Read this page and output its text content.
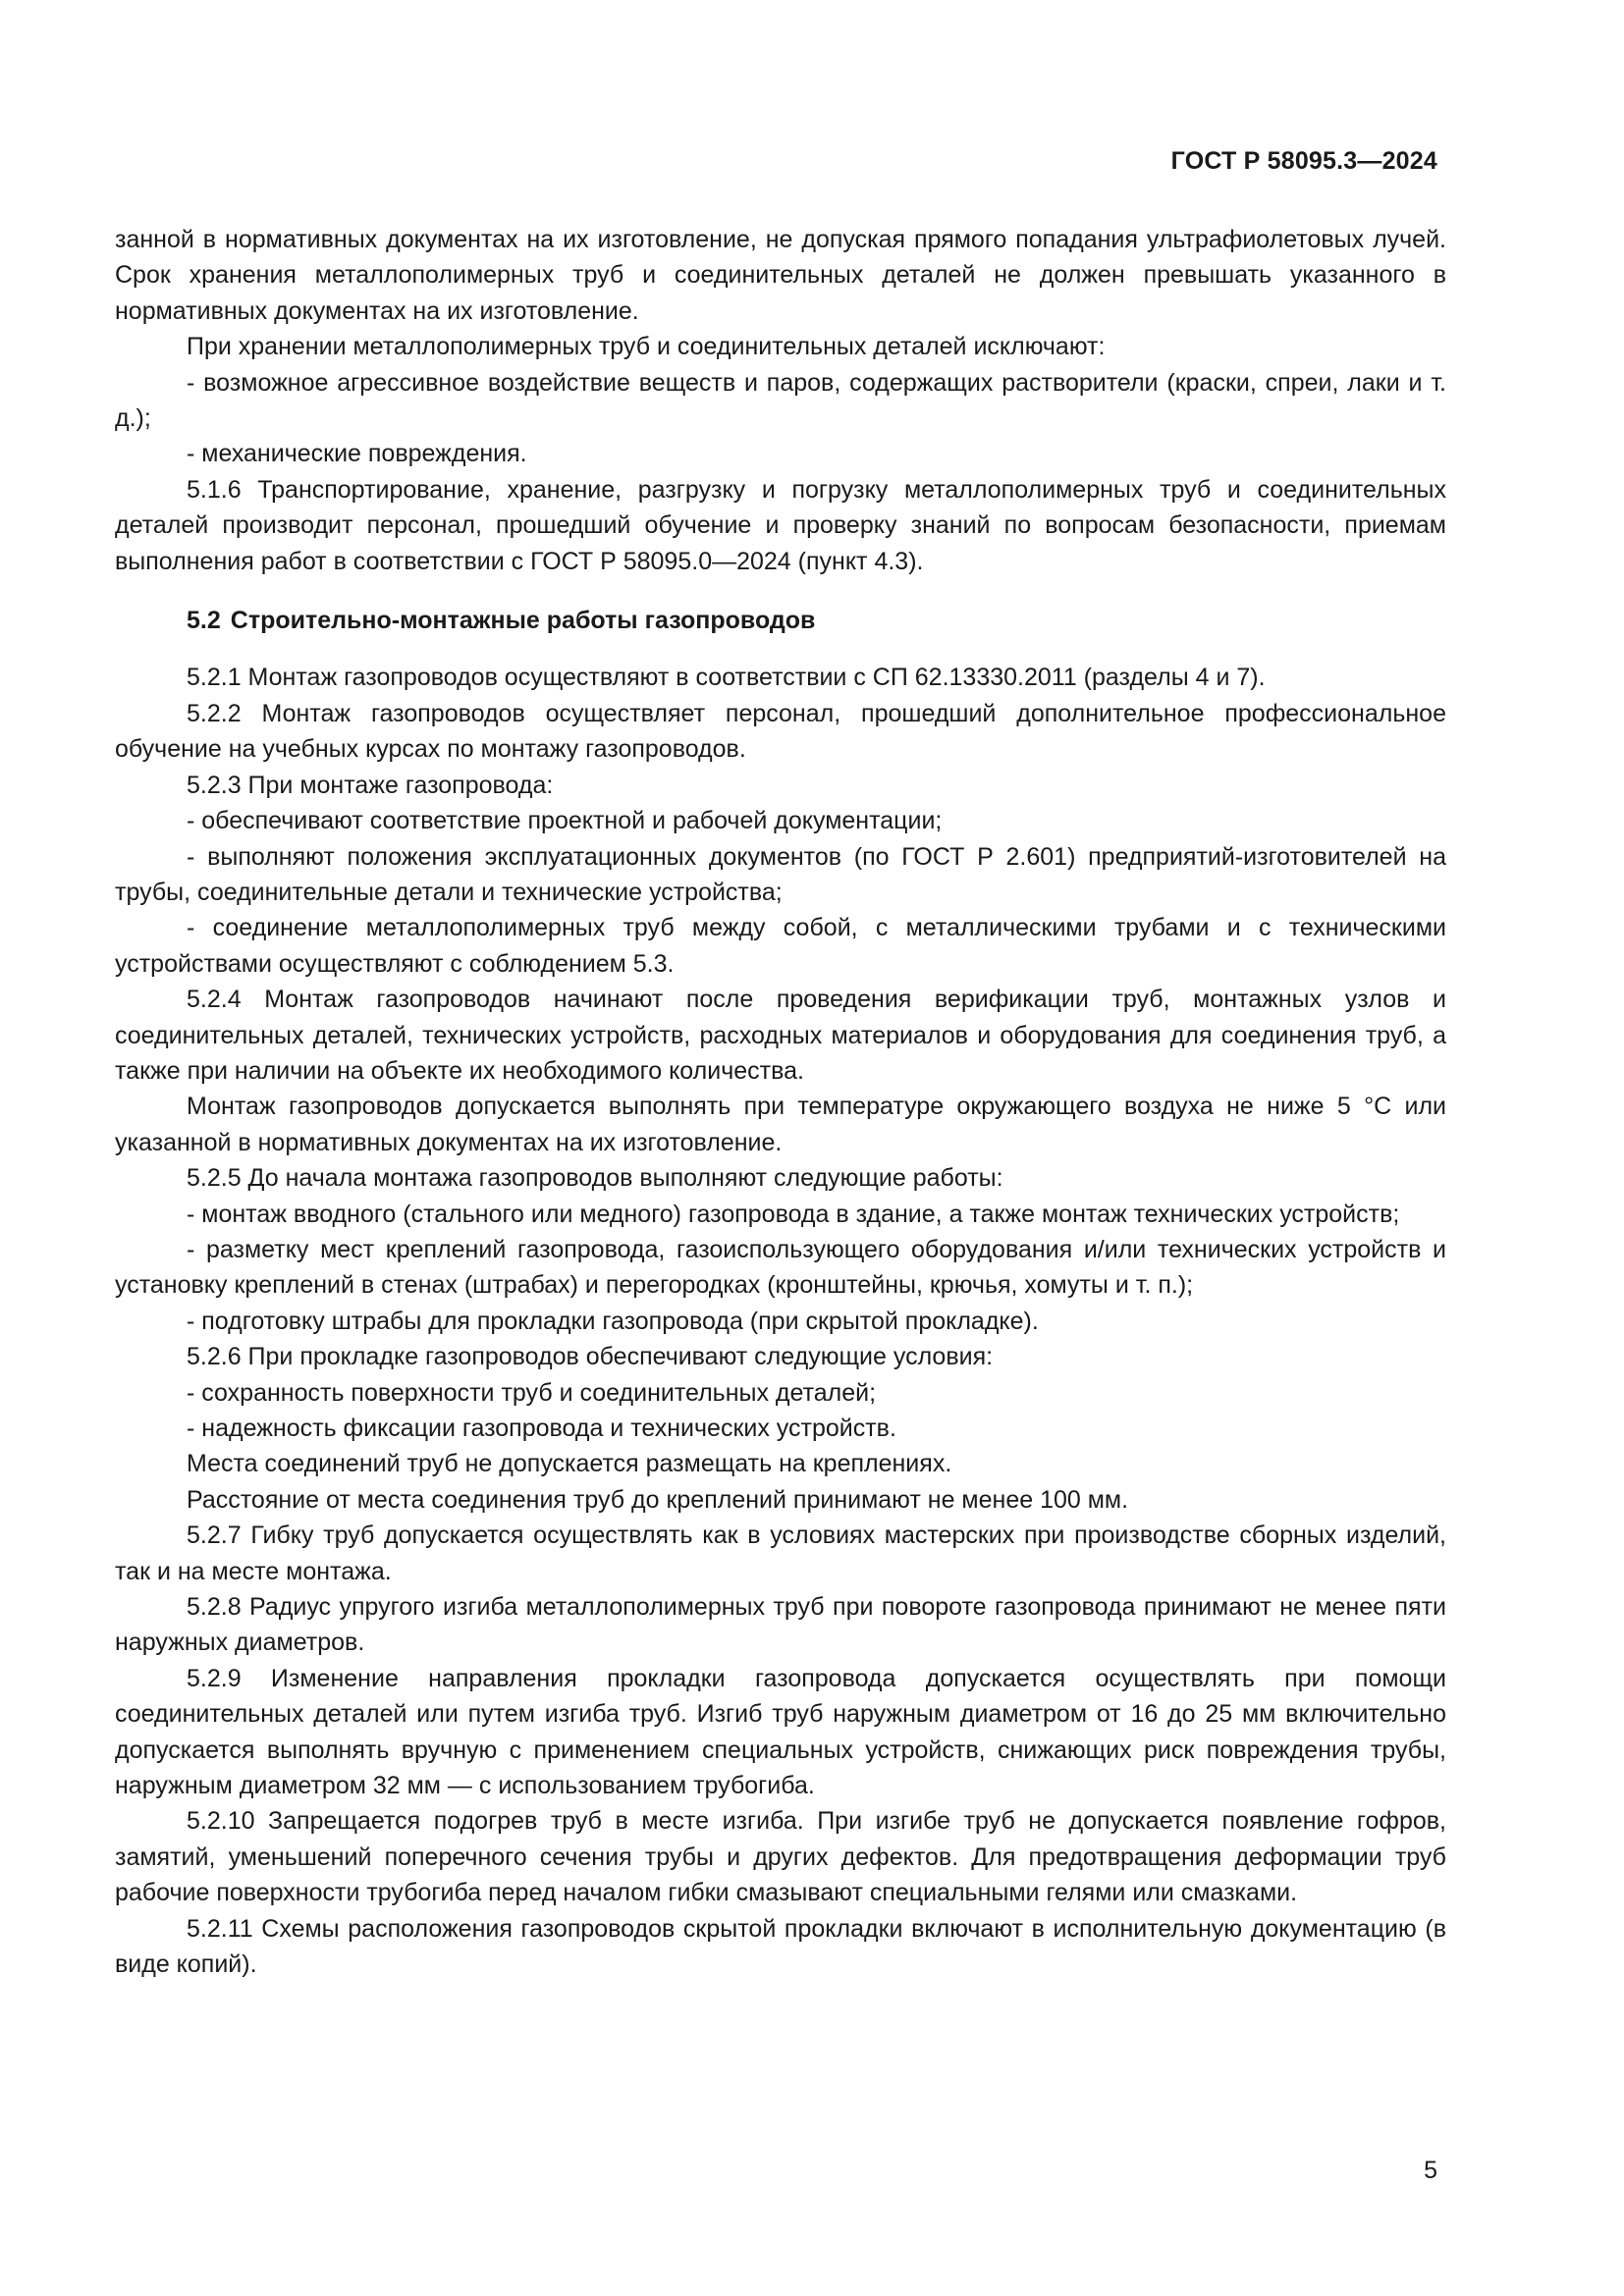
ГОСТ Р 58095.3—2024

занной в нормативных документах на их изготовление, не допуская прямого попадания ультрафиолетовых лучей. Срок хранения металлополимерных труб и соединительных деталей не должен превышать указанного в нормативных документах на их изготовление.

При хранении металлополимерных труб и соединительных деталей исключают:

- возможное агрессивное воздействие веществ и паров, содержащих растворители (краски, спреи, лаки и т. д.);

- механические повреждения.

5.1.6 Транспортирование, хранение, разгрузку и погрузку металлополимерных труб и соединительных деталей производит персонал, прошедший обучение и проверку знаний по вопросам безопасности, приемам выполнения работ в соответствии с ГОСТ Р 58095.0—2024 (пункт 4.3).

5.2 Строительно-монтажные работы газопроводов

5.2.1 Монтаж газопроводов осуществляют в соответствии с СП 62.13330.2011 (разделы 4 и 7).

5.2.2 Монтаж газопроводов осуществляет персонал, прошедший дополнительное профессиональное обучение на учебных курсах по монтажу газопроводов.

5.2.3 При монтаже газопровода:

- обеспечивают соответствие проектной и рабочей документации;

- выполняют положения эксплуатационных документов (по ГОСТ Р 2.601) предприятий-изготовителей на трубы, соединительные детали и технические устройства;

- соединение металлополимерных труб между собой, с металлическими трубами и с техническими устройствами осуществляют с соблюдением 5.3.

5.2.4 Монтаж газопроводов начинают после проведения верификации труб, монтажных узлов и соединительных деталей, технических устройств, расходных материалов и оборудования для соединения труб, а также при наличии на объекте их необходимого количества.

Монтаж газопроводов допускается выполнять при температуре окружающего воздуха не ниже 5 °С или указанной в нормативных документах на их изготовление.

5.2.5 До начала монтажа газопроводов выполняют следующие работы:

- монтаж вводного (стального или медного) газопровода в здание, а также монтаж технических устройств;

- разметку мест креплений газопровода, газоиспользующего оборудования и/или технических устройств и установку креплений в стенах (штрабах) и перегородках (кронштейны, крючья, хомуты и т. п.);

- подготовку штрабы для прокладки газопровода (при скрытой прокладке).

5.2.6 При прокладке газопроводов обеспечивают следующие условия:

- сохранность поверхности труб и соединительных деталей;

- надежность фиксации газопровода и технических устройств.

Места соединений труб не допускается размещать на креплениях.

Расстояние от места соединения труб до креплений принимают не менее 100 мм.

5.2.7 Гибку труб допускается осуществлять как в условиях мастерских при производстве сборных изделий, так и на месте монтажа.

5.2.8 Радиус упругого изгиба металлополимерных труб при повороте газопровода принимают не менее пяти наружных диаметров.

5.2.9 Изменение направления прокладки газопровода допускается осуществлять при помощи соединительных деталей или путем изгиба труб. Изгиб труб наружным диаметром от 16 до 25 мм включительно допускается выполнять вручную с применением специальных устройств, снижающих риск повреждения трубы, наружным диаметром 32 мм — с использованием трубогиба.

5.2.10 Запрещается подогрев труб в месте изгиба. При изгибе труб не допускается появление гофров, замятий, уменьшений поперечного сечения трубы и других дефектов. Для предотвращения деформации труб рабочие поверхности трубогиба перед началом гибки смазывают специальными гелями или смазками.

5.2.11 Схемы расположения газопроводов скрытой прокладки включают в исполнительную документацию (в виде копий).

5
